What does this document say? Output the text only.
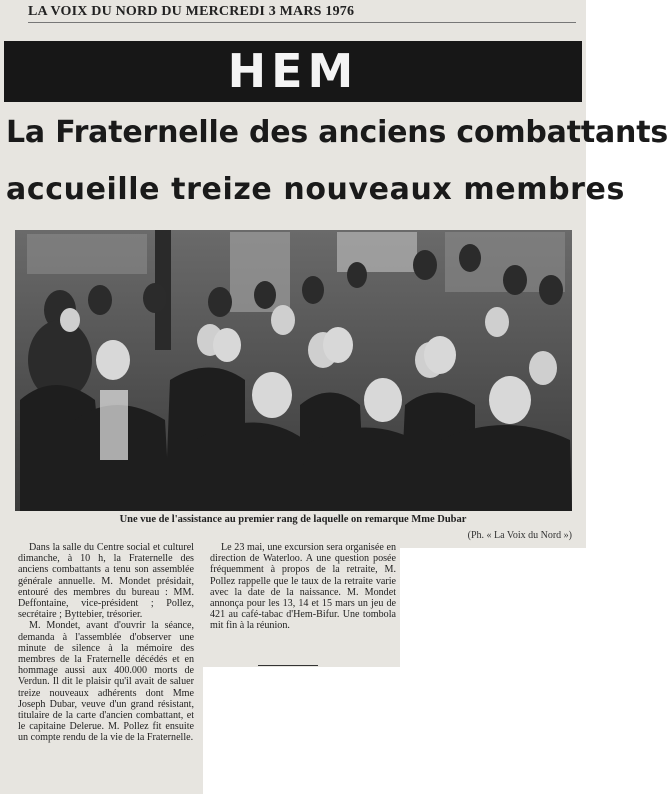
LA VOIX DU NORD DU MERCREDI 3 MARS 1976
HEM
La Fraternelle des anciens combattants
accueille treize nouveaux membres
Une vue de l'assistance au premier rang de laquelle on remarque Mme Dubar
(Ph. « La Voix du Nord »)

Dans la salle du Centre social et culturel dimanche, à 10 h, la Fraternelle des anciens combattants a tenu son assemblée générale annuelle. M. Mondet présidait, entouré des membres du bureau : MM. Deffontaine, vice-président ; Pollez, secrétaire ; Byttebier, trésorier.

M. Mondet, avant d'ouvrir la séance, demanda à l'assemblée d'observer une minute de silence à la mémoire des membres de la Fraternelle décédés et en hommage aussi aux 400.000 morts de Verdun. Il dit le plaisir qu'il avait de saluer treize nouveaux adhérents dont Mme Joseph Dubar, veuve d'un grand résistant, titulaire de la carte d'ancien combattant, et le capitaine Delerue. M. Pollez fit ensuite un compte rendu de la vie de la Fraternelle.

Le 23 mai, une excursion sera organisée en direction de Waterloo. A une question posée fréquemment à propos de la retraite, M. Pollez rappelle que le taux de la retraite varie avec la date de la naissance. M. Mondet annonça pour les 13, 14 et 15 mars un jeu de 421 au café-tabac d'Hem-Bifur. Une tombola mit fin à la réunion.
